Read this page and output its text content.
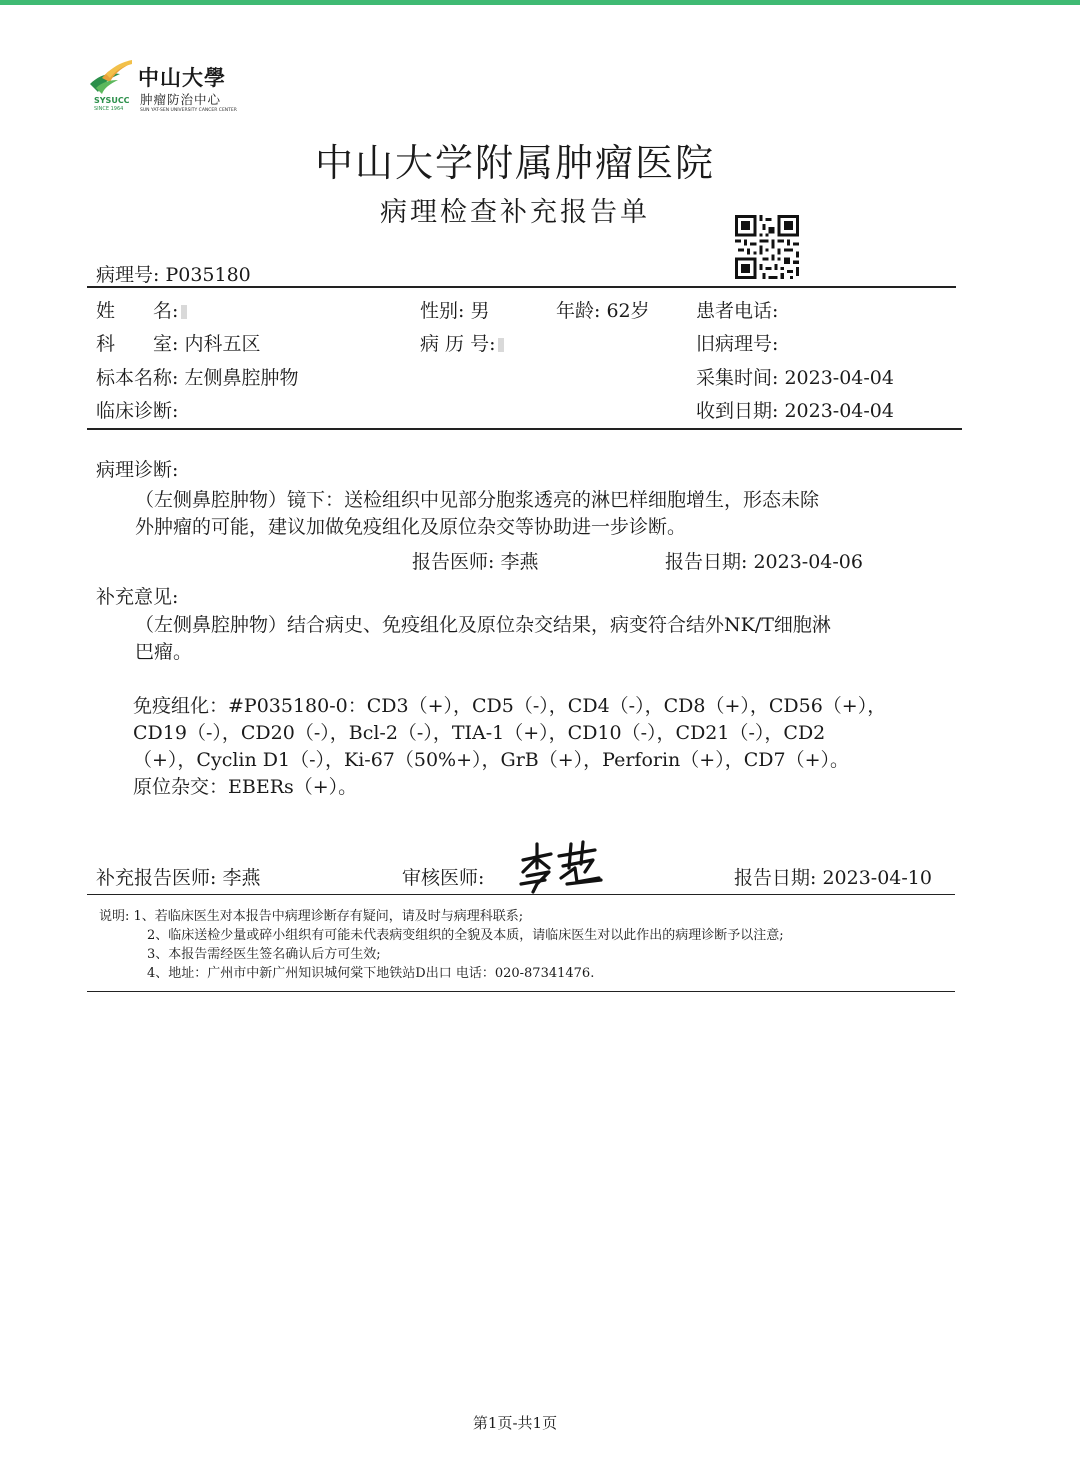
中山大學
肿瘤防治中心
SYSUCC
SINCE 1964	SUN YAT-SEN UNIVERSITY CANCER CENTER
中山大学附属肿瘤医院
病理检查补充报告单
病理号: P035180
姓　　名:	性别: 男	年龄: 62岁 患者电话:
科　　室: 内科五区	病 历 号:	旧病理号:
标本名称: 左侧鼻腔肿物	采集时间: 2023-04-04
临床诊断:	收到日期: 2023-04-04
病理诊断:
（左侧鼻腔肿物）镜下：送检组织中见部分胞浆透亮的淋巴样细胞增生，形态未除
外肿瘤的可能，建议加做免疫组化及原位杂交等协助进一步诊断。
报告医师: 李燕	报告日期: 2023-04-06
补充意见:
（左侧鼻腔肿物）结合病史、免疫组化及原位杂交结果，病变符合结外NK/T细胞淋
巴瘤。
免疫组化：#P035180-0：CD3（+），CD5（-），CD4（-），CD8（+），CD56（+），
CD19（-），CD20（-），Bcl-2（-），TIA-1（+），CD10（-），CD21（-），CD2
（+），Cyclin D1（-），Ki-67（50%+），GrB（+），Perforin（+），CD7（+）。
原位杂交：EBERs（+）。
补充报告医师: 李燕	审核医师:	报告日期: 2023-04-10
说明: 1、若临床医生对本报告中病理诊断存有疑问，请及时与病理科联系;
2、临床送检少量或碎小组织有可能未代表病变组织的全貌及本质，请临床医生对以此作出的病理诊断予以注意;
3、本报告需经医生签名确认后方可生效;
4、地址：广州市中新广州知识城何棠下地铁站D出口 电话：020-87341476.
第1页-共1页
